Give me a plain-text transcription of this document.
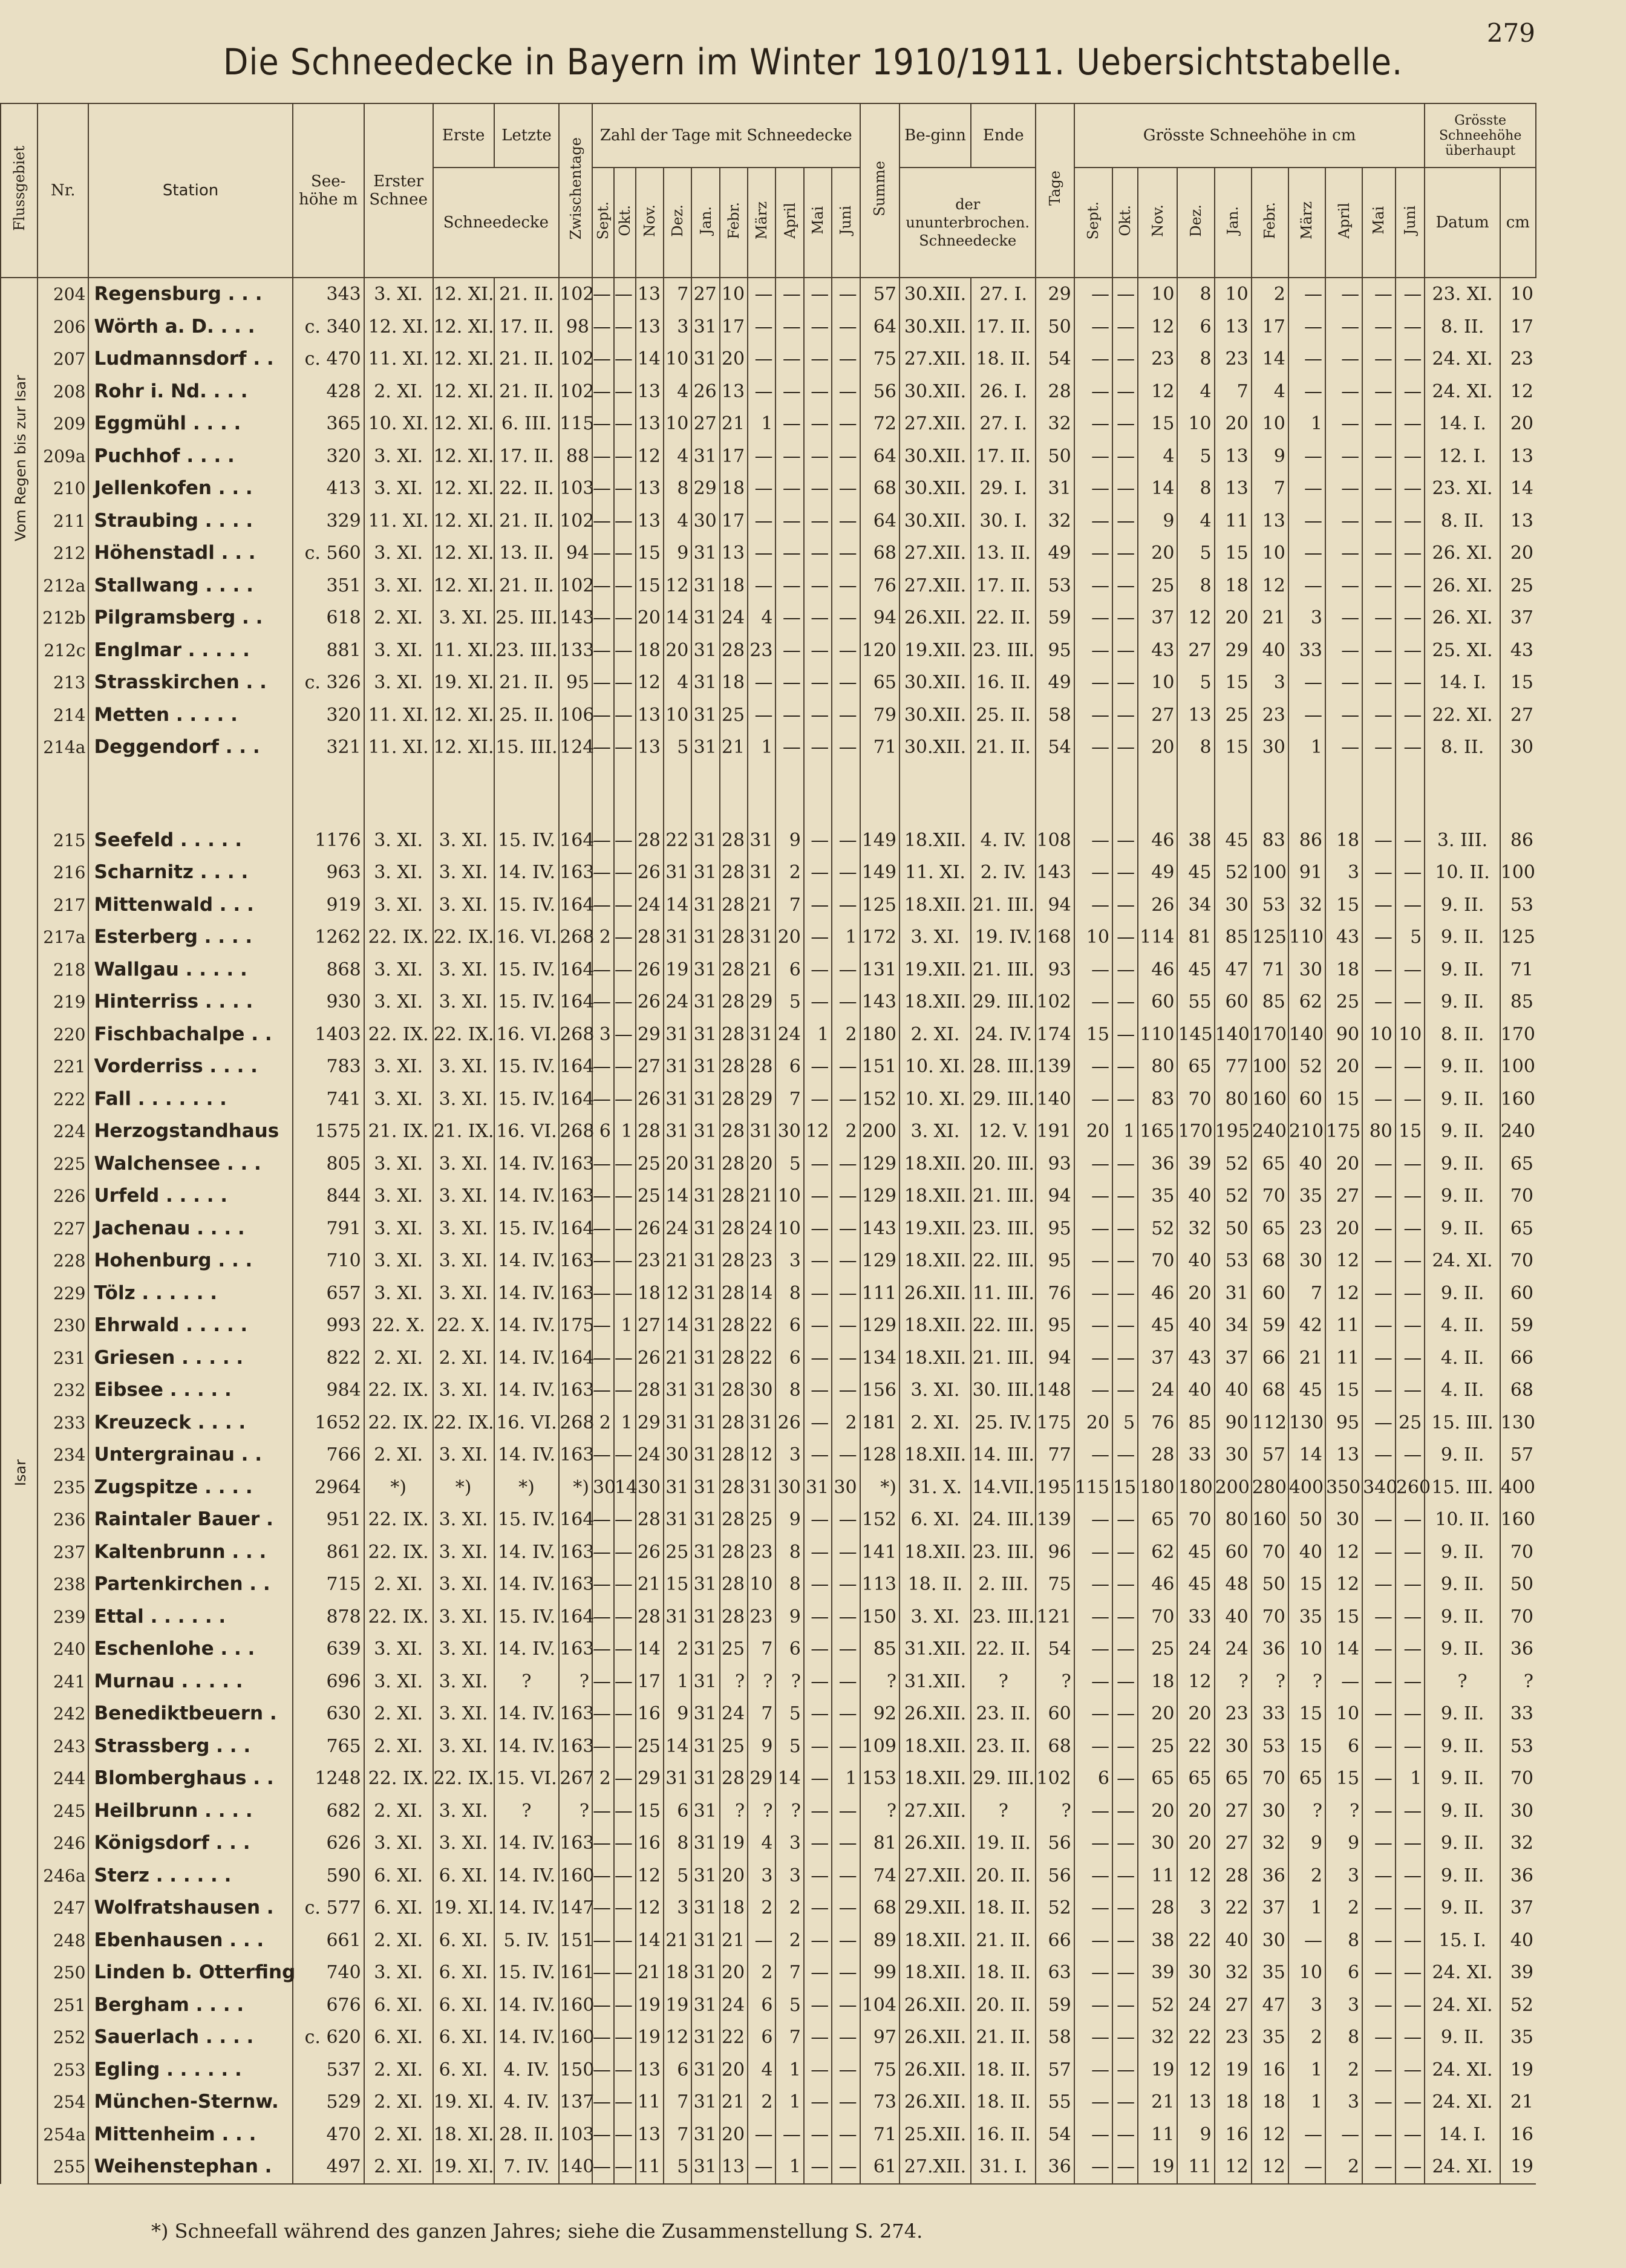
279
Die Schneedecke in Bayern im Winter 1910/1911. Uebersichtstabelle.
Flussgebiet	Nr.	Station	See-höhe m	Erster Schnee	Erste	Letzte	Zwischentage	Zahl der Tage mit Schneedecke										Summe	Be-ginn	Ende	Tage	Grösste Schneehöhe in cm										Grösste Schneehöhe überhaupt	
					Schneedecke			Sept.	Okt.	Nov.	Dez.	Jan.	Febr.	März	April	Mai	Juni		der ununterbrochen. Schneedecke			Sept.	Okt.	Nov.	Dez.	Jan.	Febr.	März	April	Mai	Juni	Datum	cm

Vom Regen bis zur Isar	204	Regensburg . . .	343	3. XI.	12. XI.	21. II.	102	—	—	13	7	27	10	—	—	—	—	57	30.XII.	27. I.	29	—	—	10	8	10	2	—	—	—	—	23. XI.	10
	206	Wörth a. D. . . .	c. 340	12. XI.	12. XI.	17. II.	98	—	—	13	3	31	17	—	—	—	—	64	30.XII.	17. II.	50	—	—	12	6	13	17	—	—	—	—	8. II.	17
	207	Ludmannsdorf . .	c. 470	11. XI.	12. XI.	21. II.	102	—	—	14	10	31	20	—	—	—	—	75	27.XII.	18. II.	54	—	—	23	8	23	14	—	—	—	—	24. XI.	23
	208	Rohr i. Nd. . . .	428	2. XI.	12. XI.	21. II.	102	—	—	13	4	26	13	—	—	—	—	56	30.XII.	26. I.	28	—	—	12	4	7	4	—	—	—	—	24. XI.	12
	209	Eggmühl . . . .	365	10. XI.	12. XI.	6. III.	115	—	—	13	10	27	21	1	—	—	—	72	27.XII.	27. I.	32	—	—	15	10	20	10	1	—	—	—	14. I.	20
	209a	Puchhof . . . .	320	3. XI.	12. XI.	17. II.	88	—	—	12	4	31	17	—	—	—	—	64	30.XII.	17. II.	50	—	—	4	5	13	9	—	—	—	—	12. I.	13
	210	Jellenkofen . . .	413	3. XI.	12. XI.	22. II.	103	—	—	13	8	29	18	—	—	—	—	68	30.XII.	29. I.	31	—	—	14	8	13	7	—	—	—	—	23. XI.	14
	211	Straubing . . . .	329	11. XI.	12. XI.	21. II.	102	—	—	13	4	30	17	—	—	—	—	64	30.XII.	30. I.	32	—	—	9	4	11	13	—	—	—	—	8. II.	13
	212	Höhenstadl . . .	c. 560	3. XI.	12. XI.	13. II.	94	—	—	15	9	31	13	—	—	—	—	68	27.XII.	13. II.	49	—	—	20	5	15	10	—	—	—	—	26. XI.	20
	212a	Stallwang . . . .	351	3. XI.	12. XI.	21. II.	102	—	—	15	12	31	18	—	—	—	—	76	27.XII.	17. II.	53	—	—	25	8	18	12	—	—	—	—	26. XI.	25
	212b	Pilgramsberg . .	618	2. XI.	3. XI.	25. III.	143	—	—	20	14	31	24	4	—	—	—	94	26.XII.	22. II.	59	—	—	37	12	20	21	3	—	—	—	26. XI.	37
	212c	Englmar . . . . .	881	3. XI.	11. XI.	23. III.	133	—	—	18	20	31	28	23	—	—	—	120	19.XII.	23. III.	95	—	—	43	27	29	40	33	—	—	—	25. XI.	43
	213	Strasskirchen . .	c. 326	3. XI.	19. XI.	21. II.	95	—	—	12	4	31	18	—	—	—	—	65	30.XII.	16. II.	49	—	—	10	5	15	3	—	—	—	—	14. I.	15
	214	Metten . . . . .	320	11. XI.	12. XI.	25. II.	106	—	—	13	10	31	25	—	—	—	—	79	30.XII.	25. II.	58	—	—	27	13	25	23	—	—	—	—	22. XI.	27
	214a	Deggendorf . . .	321	11. XI.	12. XI.	15. III.	124	—	—	13	5	31	21	1	—	—	—	71	30.XII.	21. II.	54	—	—	20	8	15	30	1	—	—	—	8. II.	30

Isar	215	Seefeld . . . . .	1176	3. XI.	3. XI.	15. IV.	164	—	—	28	22	31	28	31	9	—	—	149	18.XII.	4. IV.	108	—	—	46	38	45	83	86	18	—	—	3. III.	86
	216	Scharnitz . . . .	963	3. XI.	3. XI.	14. IV.	163	—	—	26	31	31	28	31	2	—	—	149	11. XI.	2. IV.	143	—	—	49	45	52	100	91	3	—	—	10. II.	100
	217	Mittenwald . . .	919	3. XI.	3. XI.	15. IV.	164	—	—	24	14	31	28	21	7	—	—	125	18.XII.	21. III.	94	—	—	26	34	30	53	32	15	—	—	9. II.	53
	217a	Esterberg . . . .	1262	22. IX.	22. IX.	16. VI.	268	2	—	28	31	31	28	31	20	—	1	172	3. XI.	19. IV.	168	10	—	114	81	85	125	110	43	—	5	9. II.	125
	218	Wallgau . . . . .	868	3. XI.	3. XI.	15. IV.	164	—	—	26	19	31	28	21	6	—	—	131	19.XII.	21. III.	93	—	—	46	45	47	71	30	18	—	—	9. II.	71
	219	Hinterriss . . . .	930	3. XI.	3. XI.	15. IV.	164	—	—	26	24	31	28	29	5	—	—	143	18.XII.	29. III.	102	—	—	60	55	60	85	62	25	—	—	9. II.	85
	220	Fischbachalpe . .	1403	22. IX.	22. IX.	16. VI.	268	3	—	29	31	31	28	31	24	1	2	180	2. XI.	24. IV.	174	15	—	110	145	140	170	140	90	10	10	8. II.	170
	221	Vorderriss . . . .	783	3. XI.	3. XI.	15. IV.	164	—	—	27	31	31	28	28	6	—	—	151	10. XI.	28. III.	139	—	—	80	65	77	100	52	20	—	—	9. II.	100
	222	Fall . . . . . . .	741	3. XI.	3. XI.	15. IV.	164	—	—	26	31	31	28	29	7	—	—	152	10. XI.	29. III.	140	—	—	83	70	80	160	60	15	—	—	9. II.	160
	224	Herzogstandhaus	1575	21. IX.	21. IX.	16. VI.	268	6	1	28	31	31	28	31	30	12	2	200	3. XI.	12. V.	191	20	1	165	170	195	240	210	175	80	15	9. II.	240
	225	Walchensee . . .	805	3. XI.	3. XI.	14. IV.	163	—	—	25	20	31	28	20	5	—	—	129	18.XII.	20. III.	93	—	—	36	39	52	65	40	20	—	—	9. II.	65
	226	Urfeld . . . . .	844	3. XI.	3. XI.	14. IV.	163	—	—	25	14	31	28	21	10	—	—	129	18.XII.	21. III.	94	—	—	35	40	52	70	35	27	—	—	9. II.	70
	227	Jachenau . . . .	791	3. XI.	3. XI.	15. IV.	164	—	—	26	24	31	28	24	10	—	—	143	19.XII.	23. III.	95	—	—	52	32	50	65	23	20	—	—	9. II.	65
	228	Hohenburg . . .	710	3. XI.	3. XI.	14. IV.	163	—	—	23	21	31	28	23	3	—	—	129	18.XII.	22. III.	95	—	—	70	40	53	68	30	12	—	—	24. XI.	70
	229	Tölz . . . . . .	657	3. XI.	3. XI.	14. IV.	163	—	—	18	12	31	28	14	8	—	—	111	26.XII.	11. III.	76	—	—	46	20	31	60	7	12	—	—	9. II.	60
	230	Ehrwald . . . . .	993	22. X.	22. X.	14. IV.	175	—	1	27	14	31	28	22	6	—	—	129	18.XII.	22. III.	95	—	—	45	40	34	59	42	11	—	—	4. II.	59
	231	Griesen . . . . .	822	2. XI.	2. XI.	14. IV.	164	—	—	26	21	31	28	22	6	—	—	134	18.XII.	21. III.	94	—	—	37	43	37	66	21	11	—	—	4. II.	66
	232	Eibsee . . . . .	984	22. IX.	3. XI.	14. IV.	163	—	—	28	31	31	28	30	8	—	—	156	3. XI.	30. III.	148	—	—	24	40	40	68	45	15	—	—	4. II.	68
	233	Kreuzeck . . . .	1652	22. IX.	22. IX.	16. VI.	268	2	1	29	31	31	28	31	26	—	2	181	2. XI.	25. IV.	175	20	5	76	85	90	112	130	95	—	25	15. III.	130
	234	Untergrainau . .	766	2. XI.	3. XI.	14. IV.	163	—	—	24	30	31	28	12	3	—	—	128	18.XII.	14. III.	77	—	—	28	33	30	57	14	13	—	—	9. II.	57
	235	Zugspitze . . . .	2964	*)	*)	*)	*)	30	14	30	31	31	28	31	30	31	30	*)	31. X.	14.VII.	195	115	15	180	180	200	280	400	350	340	260	15. III.	400
	236	Raintaler Bauer .	951	22. IX.	3. XI.	15. IV.	164	—	—	28	31	31	28	25	9	—	—	152	6. XI.	24. III.	139	—	—	65	70	80	160	50	30	—	—	10. II.	160
	237	Kaltenbrunn . . .	861	22. IX.	3. XI.	14. IV.	163	—	—	26	25	31	28	23	8	—	—	141	18.XII.	23. III.	96	—	—	62	45	60	70	40	12	—	—	9. II.	70
	238	Partenkirchen . .	715	2. XI.	3. XI.	14. IV.	163	—	—	21	15	31	28	10	8	—	—	113	18. II.	2. III.	75	—	—	46	45	48	50	15	12	—	—	9. II.	50
	239	Ettal . . . . . .	878	22. IX.	3. XI.	15. IV.	164	—	—	28	31	31	28	23	9	—	—	150	3. XI.	23. III.	121	—	—	70	33	40	70	35	15	—	—	9. II.	70
	240	Eschenlohe . . .	639	3. XI.	3. XI.	14. IV.	163	—	—	14	2	31	25	7	6	—	—	85	31.XII.	22. II.	54	—	—	25	24	24	36	10	14	—	—	9. II.	36
	241	Murnau . . . . .	696	3. XI.	3. XI.	?	?	—	—	17	1	31	?	?	?	—	—	?	31.XII.	?	?	—	—	18	12	?	?	?	—	—	—	?	?
	242	Benediktbeuern .	630	2. XI.	3. XI.	14. IV.	163	—	—	16	9	31	24	7	5	—	—	92	26.XII.	23. II.	60	—	—	20	20	23	33	15	10	—	—	9. II.	33
	243	Strassberg . . .	765	2. XI.	3. XI.	14. IV.	163	—	—	25	14	31	25	9	5	—	—	109	18.XII.	23. II.	68	—	—	25	22	30	53	15	6	—	—	9. II.	53
	244	Blomberghaus . .	1248	22. IX.	22. IX.	15. VI.	267	2	—	29	31	31	28	29	14	—	1	153	18.XII.	29. III.	102	6	—	65	65	65	70	65	15	—	1	9. II.	70
	245	Heilbrunn . . . .	682	2. XI.	3. XI.	?	?	—	—	15	6	31	?	?	?	—	—	?	27.XII.	?	?	—	—	20	20	27	30	?	?	—	—	9. II.	30
	246	Königsdorf . . .	626	3. XI.	3. XI.	14. IV.	163	—	—	16	8	31	19	4	3	—	—	81	26.XII.	19. II.	56	—	—	30	20	27	32	9	9	—	—	9. II.	32
	246a	Sterz . . . . . .	590	6. XI.	6. XI.	14. IV.	160	—	—	12	5	31	20	3	3	—	—	74	27.XII.	20. II.	56	—	—	11	12	28	36	2	3	—	—	9. II.	36
	247	Wolfratshausen .	c. 577	6. XI.	19. XI.	14. IV.	147	—	—	12	3	31	18	2	2	—	—	68	29.XII.	18. II.	52	—	—	28	3	22	37	1	2	—	—	9. II.	37
	248	Ebenhausen . . .	661	2. XI.	6. XI.	5. IV.	151	—	—	14	21	31	21	—	2	—	—	89	18.XII.	21. II.	66	—	—	38	22	40	30	—	8	—	—	15. I.	40
	250	Linden b. Otterfing	740	3. XI.	6. XI.	15. IV.	161	—	—	21	18	31	20	2	7	—	—	99	18.XII.	18. II.	63	—	—	39	30	32	35	10	6	—	—	24. XI.	39
	251	Bergham . . . .	676	6. XI.	6. XI.	14. IV.	160	—	—	19	19	31	24	6	5	—	—	104	26.XII.	20. II.	59	—	—	52	24	27	47	3	3	—	—	24. XI.	52
	252	Sauerlach . . . .	c. 620	6. XI.	6. XI.	14. IV.	160	—	—	19	12	31	22	6	7	—	—	97	26.XII.	21. II.	58	—	—	32	22	23	35	2	8	—	—	9. II.	35
	253	Egling . . . . . .	537	2. XI.	6. XI.	4. IV.	150	—	—	13	6	31	20	4	1	—	—	75	26.XII.	18. II.	57	—	—	19	12	19	16	1	2	—	—	24. XI.	19
	254	München-Sternw.	529	2. XI.	19. XI.	4. IV.	137	—	—	11	7	31	21	2	1	—	—	73	26.XII.	18. II.	55	—	—	21	13	18	18	1	3	—	—	24. XI.	21
	254a	Mittenheim . . .	470	2. XI.	18. XI.	28. II.	103	—	—	13	7	31	20	—	—	—	—	71	25.XII.	16. II.	54	—	—	11	9	16	12	—	—	—	—	14. I.	16
	255	Weihenstephan .	497	2. XI.	19. XI.	7. IV.	140	—	—	11	5	31	13	—	1	—	—	61	27.XII.	31. I.	36	—	—	19	11	12	12	—	2	—	—	24. XI.	19
*) Schneefall während des ganzen Jahres; siehe die Zusammenstellung S. 274.
